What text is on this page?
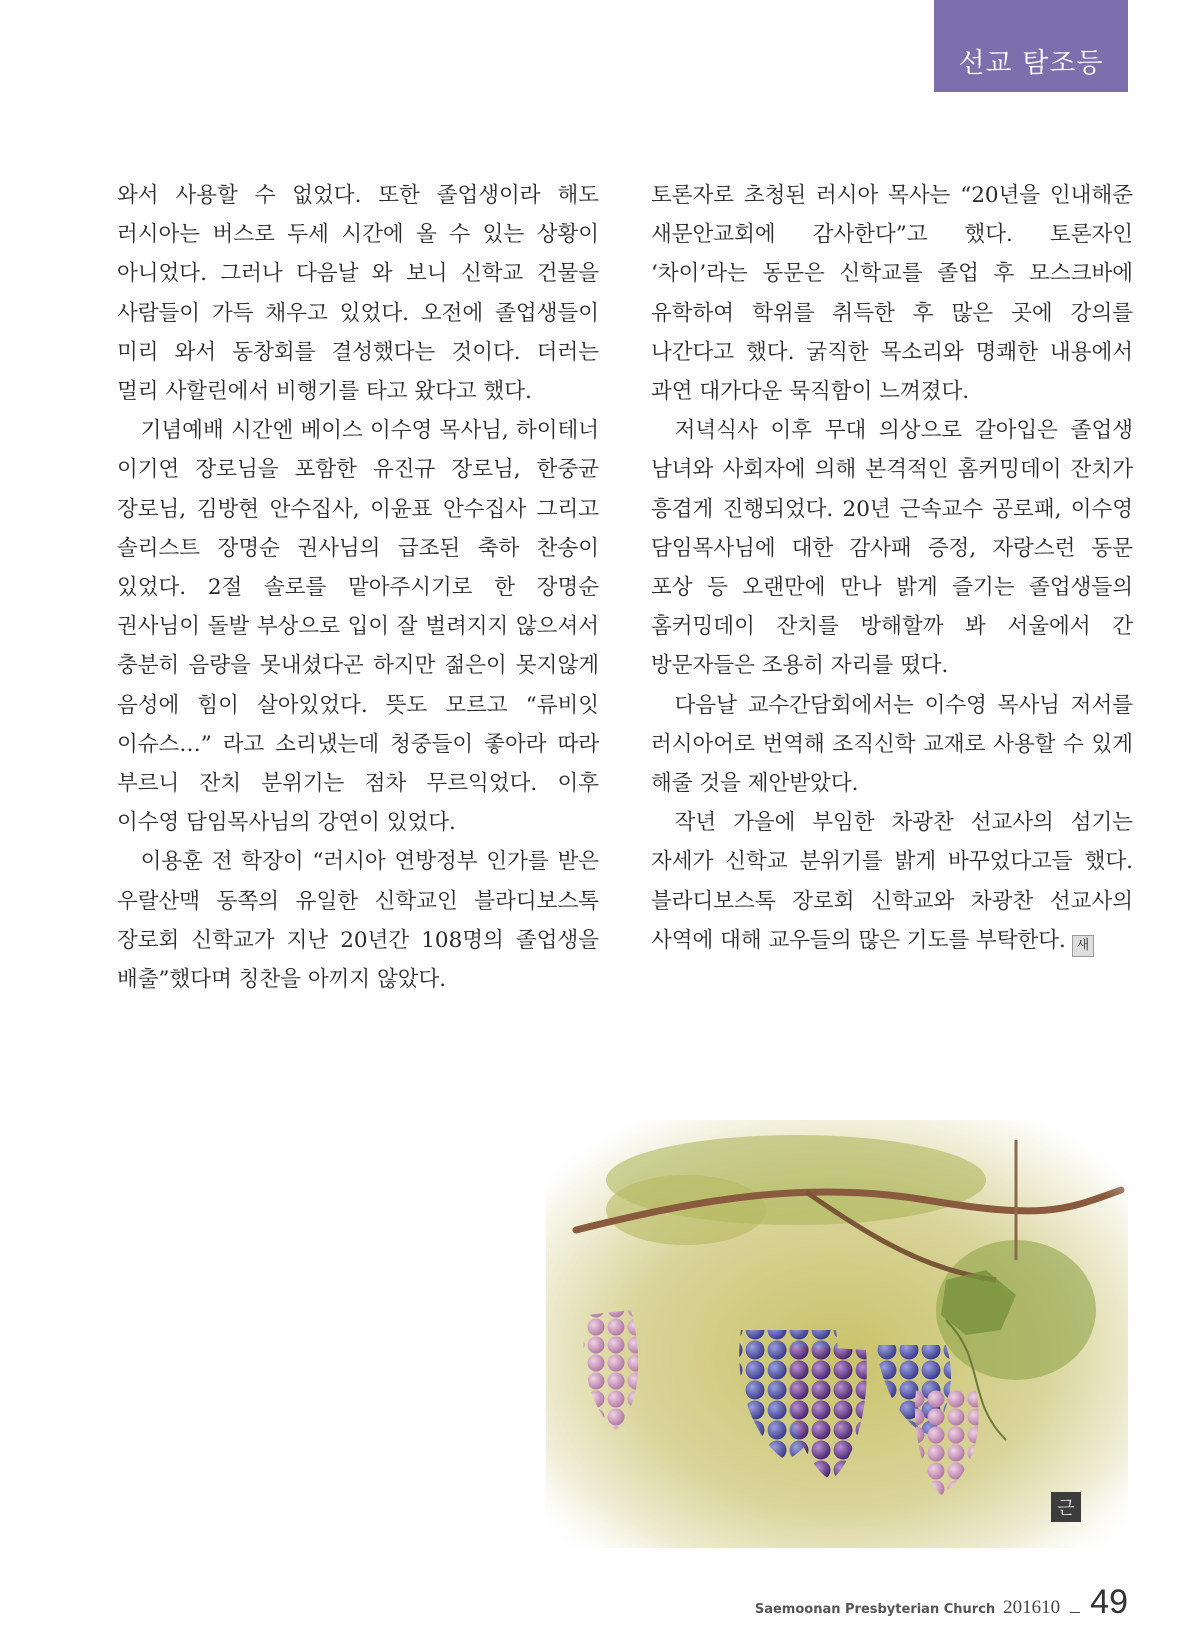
선교 탐조등

와서 사용할 수 없었다. 또한 졸업생이라 해도 러시아는 버스로 두세 시간에 올 수 있는 상황이 아니었다. 그러나 다음날 와 보니 신학교 건물을 사람들이 가득 채우고 있었다. 오전에 졸업생들이 미리 와서 동창회를 결성했다는 것이다. 더러는 멀리 사할린에서 비행기를 타고 왔다고 했다.

기념예배 시간엔 베이스 이수영 목사님, 하이테너 이기연 장로님을 포함한 유진규 장로님, 한중균 장로님, 김방현 안수집사, 이윤표 안수집사 그리고 솔리스트 장명순 권사님의 급조된 축하 찬송이 있었다. 2절 솔로를 맡아주시기로 한 장명순 권사님이 돌발 부상으로 입이 잘 벌려지지 않으셔서 충분히 음량을 못내셨다곤 하지만 젊은이 못지않게 음성에 힘이 살아있었다. 뜻도 모르고 “류비잇 이슈스…” 라고 소리냈는데 청중들이 좋아라 따라 부르니 잔치 분위기는 점차 무르익었다. 이후 이수영 담임목사님의 강연이 있었다.

이용훈 전 학장이 “러시아 연방정부 인가를 받은 우랄산맥 동쪽의 유일한 신학교인 블라디보스톡 장로회 신학교가 지난 20년간 108명의 졸업생을 배출”했다며 칭찬을 아끼지 않았다.

토론자로 초청된 러시아 목사는 “20년을 인내해준 새문안교회에 감사한다”고 했다. 토론자인 ‘차이’라는 동문은 신학교를 졸업 후 모스크바에 유학하여 학위를 취득한 후 많은 곳에 강의를 나간다고 했다. 굵직한 목소리와 명쾌한 내용에서 과연 대가다운 묵직함이 느껴졌다.

저녁식사 이후 무대 의상으로 갈아입은 졸업생 남녀와 사회자에 의해 본격적인 홈커밍데이 잔치가 흥겹게 진행되었다. 20년 근속교수 공로패, 이수영 담임목사님에 대한 감사패 증정, 자랑스런 동문 포상 등 오랜만에 만나 밝게 즐기는 졸업생들의 홈커밍데이 잔치를 방해할까 봐 서울에서 간 방문자들은 조용히 자리를 떴다.

다음날 교수간담회에서는 이수영 목사님 저서를 러시아어로 번역해 조직신학 교재로 사용할 수 있게 해줄 것을 제안받았다.

작년 가을에 부임한 차광찬 선교사의 섬기는 자세가 신학교 분위기를 밝게 바꾸었다고들 했다. 블라디보스톡 장로회 신학교와 차광찬 선교사의 사역에 대해 교우들의 많은 기도를 부탁한다. 새

근
Saemoonan Presbyterian Church 201610 49
